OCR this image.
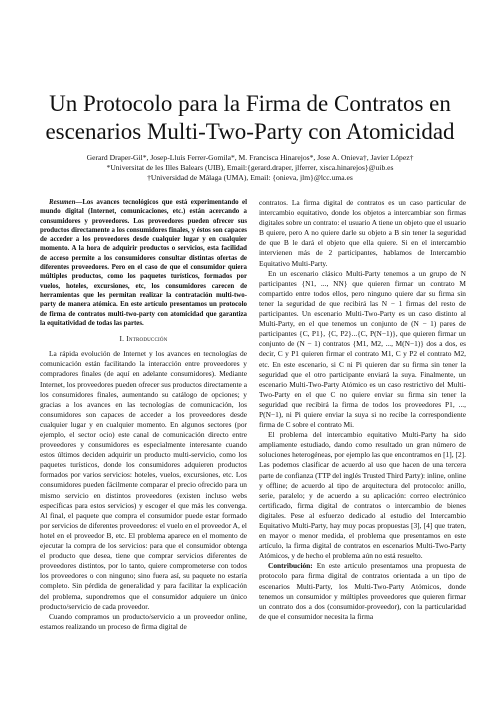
Un Protocolo para la Firma de Contratos en
escenarios Multi-Two-Party con Atomicidad
Gerard Draper-Gil*, Josep-Lluís Ferrer-Gomila*, M. Francisca Hinarejos*, Jose A. Onieva†, Javier López†
*Universitat de les Illes Balears (UIB), Email:{gerard.draper, jlferrer, xisca.hinarejos}@uib.es
†Universidad de Málaga (UMA), Email: {onieva, jlm}@lcc.uma.es

Resumen—Los avances tecnológicos que está experimentando el mundo digital (Internet, comunicaciones, etc.) están acercando a consumidores y proveedores. Los proveedores pueden ofrecer sus productos directamente a los consumidores finales, y éstos son capaces de acceder a los proveedores desde cualquier lugar y en cualquier momento. A la hora de adquirir productos o servicios, esta facilidad de acceso permite a los consumidores consultar distintas ofertas de diferentes proveedores. Pero en el caso de que el consumidor quiera múltiples productos, como los paquetes turísticos, formados por vuelos, hoteles, excursiones, etc, los consumidores carecen de herramientas que les permitan realizar la contratación multi-two-party de manera atómica. En este artículo presentamos un protocolo de firma de contratos multi-two-party con atomicidad que garantiza la equitatividad de todas las partes.

I. Introducción

La rápida evolución de Internet y los avances en tecnologías de comunicación están facilitando la interacción entre proveedores y compradores finales (de aquí en adelante consumidores). Mediante Internet, los proveedores pueden ofrecer sus productos directamente a los consumidores finales, aumentando su catálogo de opciones; y gracias a los avances en las tecnologías de comunicación, los consumidores son capaces de acceder a los proveedores desde cualquier lugar y en cualquier momento. En algunos sectores (por ejemplo, el sector ocio) este canal de comunicación directo entre proveedores y consumidores es especialmente interesante cuando estos últimos deciden adquirir un producto multi-servicio, como los paquetes turísticos, donde los consumidores adquieren productos formados por varios servicios: hoteles, vuelos, excursiones, etc. Los consumidores pueden fácilmente comparar el precio ofrecido para un mismo servicio en distintos proveedores (existen incluso webs específicas para estos servicios) y escoger el que más les convenga. Al final, el paquete que compra el consumidor puede estar formado por servicios de diferentes proveedores: el vuelo en el proveedor A, el hotel en el proveedor B, etc. El problema aparece en el momento de ejecutar la compra de los servicios: para que el consumidor obtenga el producto que desea, tiene que comprar servicios diferentes de proveedores distintos, por lo tanto, quiere comprometerse con todos los proveedores o con ninguno; sino fuera así, su paquete no estaría completo. Sin pérdida de generalidad y para facilitar la explicación del problema, supondremos que el consumidor adquiere un único producto/servicio de cada proveedor.

Cuando compramos un producto/servicio a un proveedor online, estamos realizando un proceso de firma digital de

contratos. La firma digital de contratos es un caso particular de intercambio equitativo, donde los objetos a intercambiar son firmas digitales sobre un contrato: el usuario A tiene un objeto que el usuario B quiere, pero A no quiere darle su objeto a B sin tener la seguridad de que B le dará el objeto que ella quiere. Si en el intercambio intervienen más de 2 participantes, hablamos de Intercambio Equitativo Multi-Party.

En un escenario clásico Multi-Party tenemos a un grupo de N participantes {N1, ..., NN} que quieren firmar un contrato M compartido entre todos ellos, pero ninguno quiere dar su firma sin tener la seguridad de que recibirá las N − 1 firmas del resto de participantes. Un escenario Multi-Two-Party es un caso distinto al Multi-Party, en el que tenemos un conjunto de (N − 1) pares de participantes {C, P1}, {C, P2}...{C, P(N−1)}, que quieren firmar un conjunto de (N − 1) contratos {M1, M2, ..., M(N−1)} dos a dos, es decir, C y P1 quieren firmar el contrato M1, C y P2 el contrato M2, etc. En este escenario, si C ni Pi quieren dar su firma sin tener la seguridad que el otro participante enviará la suya. Finalmente, un escenario Multi-Two-Party Atómico es un caso restrictivo del Multi-Two-Party en el que C no quiere enviar su firma sin tener la seguridad que recibirá la firma de todos los proveedores P1, ..., P(N−1), ni Pi quiere enviar la suya si no recibe la correspondiente firma de C sobre el contrato Mi.

El problema del intercambio equitativo Multi-Party ha sido ampliamente estudiado, dando como resultado un gran número de soluciones heterogéneas, por ejemplo las que encontramos en [1], [2]. Las podemos clasificar de acuerdo al uso que hacen de una tercera parte de confianza (TTP del inglés Trusted Third Party): inline, online y offline; de acuerdo al tipo de arquitectura del protocolo: anillo, serie, paralelo; y de acuerdo a su aplicación: correo electrónico certificado, firma digital de contratos o intercambio de bienes digitales. Pese al esfuerzo dedicado al estudio del Intercambio Equitativo Multi-Party, hay muy pocas propuestas [3], [4] que traten, en mayor o menor medida, el problema que presentamos en este artículo, la firma digital de contratos en escenarios Multi-Two-Party Atómicos, y de hecho el problema aún no está resuelto.

Contribución: En este artículo presentamos una propuesta de protocolo para firma digital de contratos orientada a un tipo de escenarios Multi-Party, los Multi-Two-Party Atómicos, donde tenemos un consumidor y múltiples proveedores que quieren firmar un contrato dos a dos (consumidor-proveedor), con la particularidad de que el consumidor necesita la firma
